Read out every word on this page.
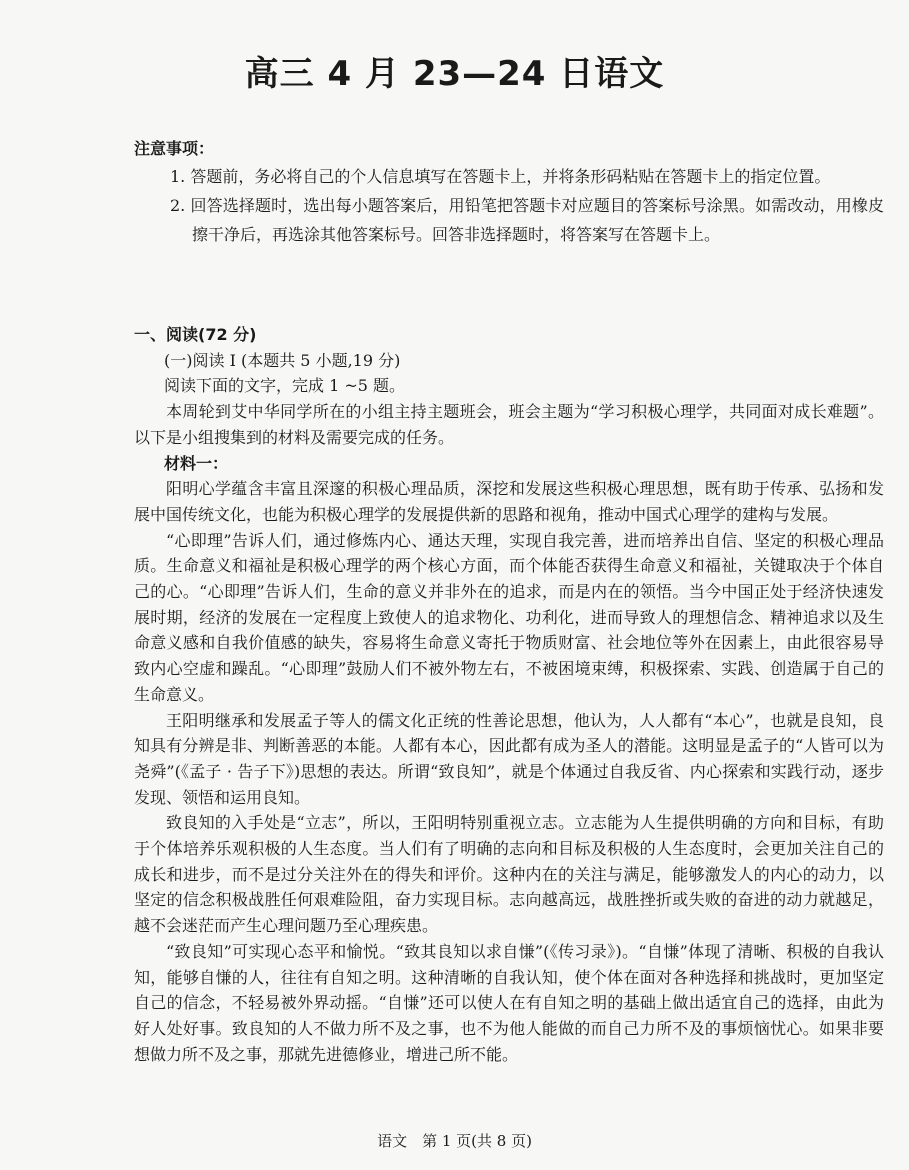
高三 4 月 23—24 日语文
注意事项：
1. 答题前，务必将自己的个人信息填写在答题卡上，并将条形码粘贴在答题卡上的指定位置。
2. 回答选择题时，选出每小题答案后，用铅笔把答题卡对应题目的答案标号涂黑。如需改动，用橡皮擦干净后，再选涂其他答案标号。回答非选择题时，将答案写在答题卡上。
一、阅读(72 分)
(一)阅读 I (本题共 5 小题,19 分)
阅读下面的文字，完成 1 ~5 题。

本周轮到艾中华同学所在的小组主持主题班会，班会主题为“学习积极心理学，共同面对成长难题”。以下是小组搜集到的材料及需要完成的任务。

材料一：

阳明心学蕴含丰富且深邃的积极心理品质，深挖和发展这些积极心理思想，既有助于传承、弘扬和发展中国传统文化，也能为积极心理学的发展提供新的思路和视角，推动中国式心理学的建构与发展。

“心即理”告诉人们，通过修炼内心、通达天理，实现自我完善，进而培养出自信、坚定的积极心理品质。生命意义和福祉是积极心理学的两个核心方面，而个体能否获得生命意义和福祉，关键取决于个体自己的心。“心即理”告诉人们，生命的意义并非外在的追求，而是内在的领悟。当今中国正处于经济快速发展时期，经济的发展在一定程度上致使人的追求物化、功利化，进而导致人的理想信念、精神追求以及生命意义感和自我价值感的缺失，容易将生命意义寄托于物质财富、社会地位等外在因素上，由此很容易导致内心空虚和躁乱。“心即理”鼓励人们不被外物左右，不被困境束缚，积极探索、实践、创造属于自己的生命意义。

王阳明继承和发展孟子等人的儒文化正统的性善论思想，他认为，人人都有“本心”，也就是良知，良知具有分辨是非、判断善恶的本能。人都有本心，因此都有成为圣人的潜能。这明显是孟子的“人皆可以为尧舜”(《孟子 · 告子下》)思想的表达。所谓“致良知”，就是个体通过自我反省、内心探索和实践行动，逐步发现、领悟和运用良知。

致良知的入手处是“立志”，所以，王阳明特别重视立志。立志能为人生提供明确的方向和目标，有助于个体培养乐观积极的人生态度。当人们有了明确的志向和目标及积极的人生态度时，会更加关注自己的成长和进步，而不是过分关注外在的得失和评价。这种内在的关注与满足，能够激发人的内心的动力，以坚定的信念积极战胜任何艰难险阻，奋力实现目标。志向越高远，战胜挫折或失败的奋进的动力就越足，越不会迷茫而产生心理问题乃至心理疾患。

“致良知”可实现心态平和愉悦。“致其良知以求自慊”(《传习录》)。“自慊”体现了清晰、积极的自我认知，能够自慊的人，往往有自知之明。这种清晰的自我认知，使个体在面对各种选择和挑战时，更加坚定自己的信念，不轻易被外界动摇。“自慊”还可以使人在有自知之明的基础上做出适宜自己的选择，由此为好人处好事。致良知的人不做力所不及之事，也不为他人能做的而自己力所不及的事烦恼忧心。如果非要想做力所不及之事，那就先进德修业，增进己所不能。

语文　第 1 页(共 8 页)
